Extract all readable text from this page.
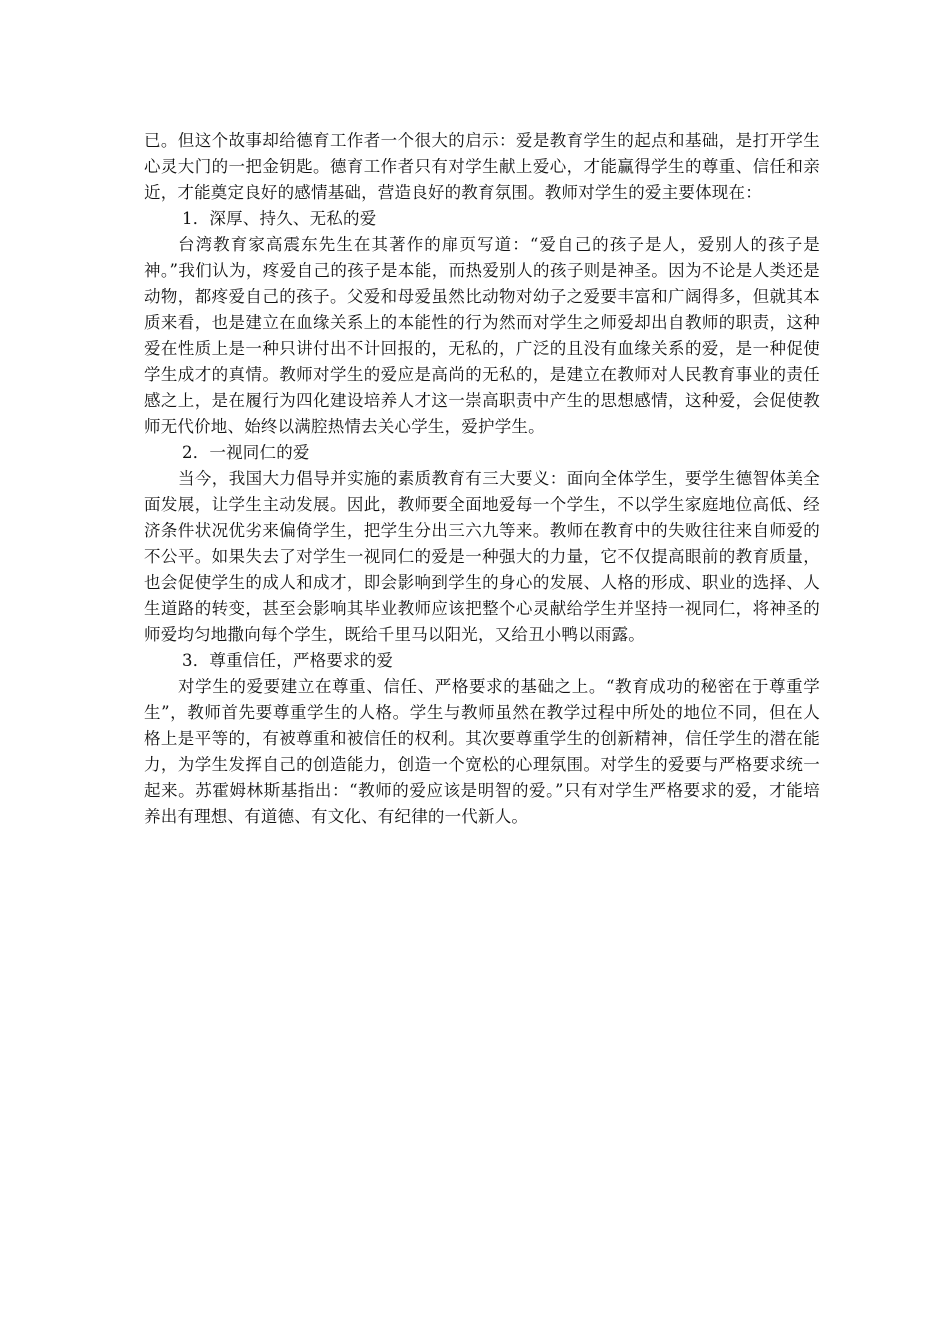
已。但这个故事却给德育工作者一个很大的启示：爱是教育学生的起点和基础，是打开学生心灵大门的一把金钥匙。德育工作者只有对学生献上爱心，才能赢得学生的尊重、信任和亲近，才能奠定良好的感情基础，营造良好的教育氛围。教师对学生的爱主要体现在：

1．深厚、持久、无私的爱

台湾教育家高震东先生在其著作的扉页写道：“爱自己的孩子是人，爱别人的孩子是神。”我们认为，疼爱自己的孩子是本能，而热爱别人的孩子则是神圣。因为不论是人类还是动物，都疼爱自己的孩子。父爱和母爱虽然比动物对幼子之爱要丰富和广阔得多，但就其本质来看，也是建立在血缘关系上的本能性的行为然而对学生之师爱却出自教师的职责，这种爱在性质上是一种只讲付出不计回报的，无私的，广泛的且没有血缘关系的爱，是一种促使学生成才的真情。教师对学生的爱应是高尚的无私的，是建立在教师对人民教育事业的责任感之上，是在履行为四化建设培养人才这一崇高职责中产生的思想感情，这种爱，会促使教师无代价地、始终以满腔热情去关心学生，爱护学生。

2．一视同仁的爱

当今，我国大力倡导并实施的素质教育有三大要义：面向全体学生，要学生德智体美全面发展，让学生主动发展。因此，教师要全面地爱每一个学生，不以学生家庭地位高低、经济条件状况优劣来偏倚学生，把学生分出三六九等来。教师在教育中的失败往往来自师爱的不公平。如果失去了对学生一视同仁的爱是一种强大的力量，它不仅提高眼前的教育质量，也会促使学生的成人和成才，即会影响到学生的身心的发展、人格的形成、职业的选择、人生道路的转变，甚至会影响其毕业教师应该把整个心灵献给学生并坚持一视同仁，将神圣的师爱均匀地撒向每个学生，既给千里马以阳光，又给丑小鸭以雨露。

3．尊重信任，严格要求的爱

对学生的爱要建立在尊重、信任、严格要求的基础之上。“教育成功的秘密在于尊重学生”，教师首先要尊重学生的人格。学生与教师虽然在教学过程中所处的地位不同，但在人格上是平等的，有被尊重和被信任的权利。其次要尊重学生的创新精神，信任学生的潜在能力，为学生发挥自己的创造能力，创造一个宽松的心理氛围。对学生的爱要与严格要求统一起来。苏霍姆林斯基指出：“教师的爱应该是明智的爱。”只有对学生严格要求的爱，才能培养出有理想、有道德、有文化、有纪律的一代新人。
